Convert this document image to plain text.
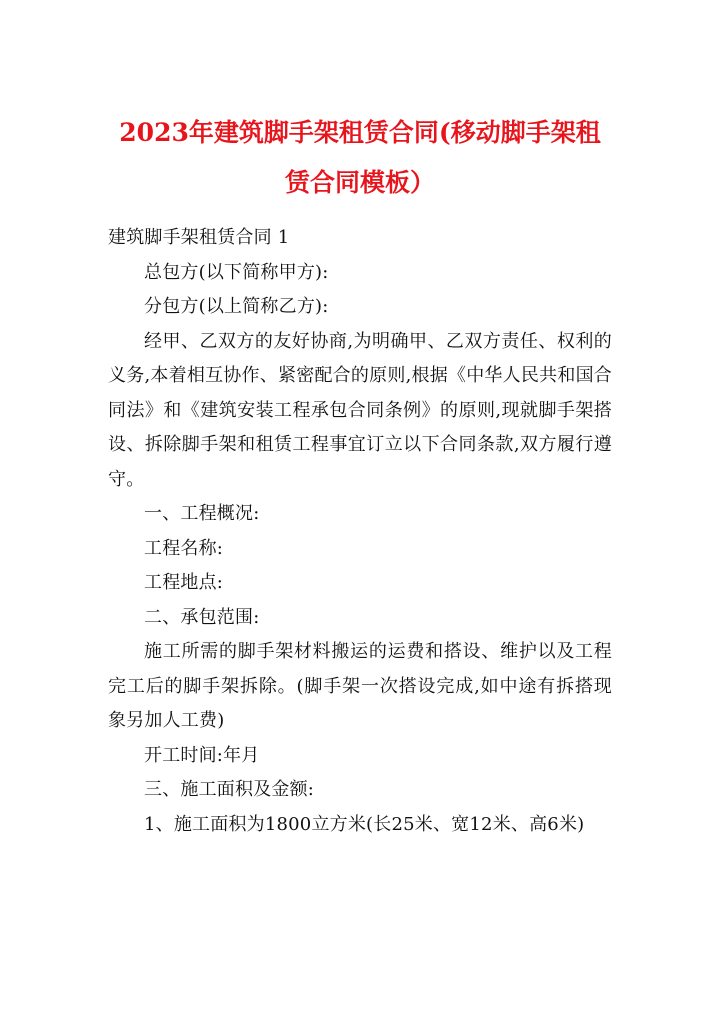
2023年建筑脚手架租赁合同(移动脚手架租
赁合同模板）

建筑脚手架租赁合同 1

总包方(以下简称甲方):

分包方(以上简称乙方):

经甲、乙双方的友好协商,为明确甲、乙双方责任、权利的义务,本着相互协作、紧密配合的原则,根据《中华人民共和国合同法》和《建筑安装工程承包合同条例》的原则,现就脚手架搭设、拆除脚手架和租赁工程事宜订立以下合同条款,双方履行遵守。

一、工程概况:

工程名称:

工程地点:

二、承包范围:

施工所需的脚手架材料搬运的运费和搭设、维护以及工程完工后的脚手架拆除。(脚手架一次搭设完成,如中途有拆搭现象另加人工费)

开工时间:年月

三、施工面积及金额:

1、施工面积为1800立方米(长25米、宽12米、高6米)
